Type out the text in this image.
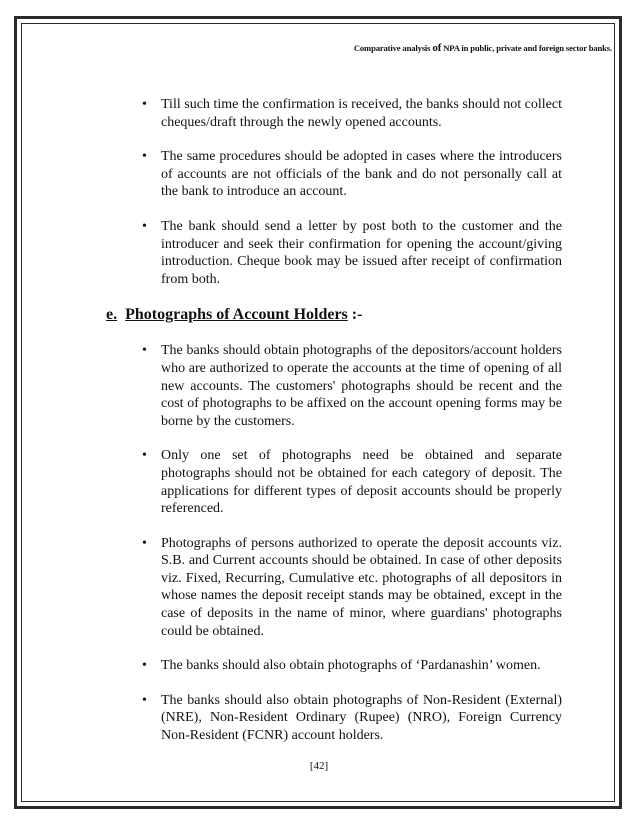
Comparative analysis of NPA in public, private and foreign sector banks.
• Till such time the confirmation is received, the banks should not collect cheques/draft through the newly opened accounts.
• The same procedures should be adopted in cases where the introducers of accounts are not officials of the bank and do not personally call at the bank to introduce an account.
• The bank should send a letter by post both to the customer and the introducer and seek their confirmation for opening the account/giving introduction. Cheque book may be issued after receipt of confirmation from both.
e. Photographs of Account Holders :-
• The banks should obtain photographs of the depositors/account holders who are authorized to operate the accounts at the time of opening of all new accounts. The customers' photographs should be recent and the cost of photographs to be affixed on the account opening forms may be borne by the customers.
• Only one set of photographs need be obtained and separate photographs should not be obtained for each category of deposit. The applications for different types of deposit accounts should be properly referenced.
• Photographs of persons authorized to operate the deposit accounts viz. S.B. and Current accounts should be obtained. In case of other deposits viz. Fixed, Recurring, Cumulative etc. photographs of all depositors in whose names the deposit receipt stands may be obtained, except in the case of deposits in the name of minor, where guardians' photographs could be obtained.
• The banks should also obtain photographs of ‘Pardanashin’ women.
• The banks should also obtain photographs of Non-Resident (External) (NRE), Non-Resident Ordinary (Rupee) (NRO), Foreign Currency Non-Resident (FCNR) account holders.
[42]
